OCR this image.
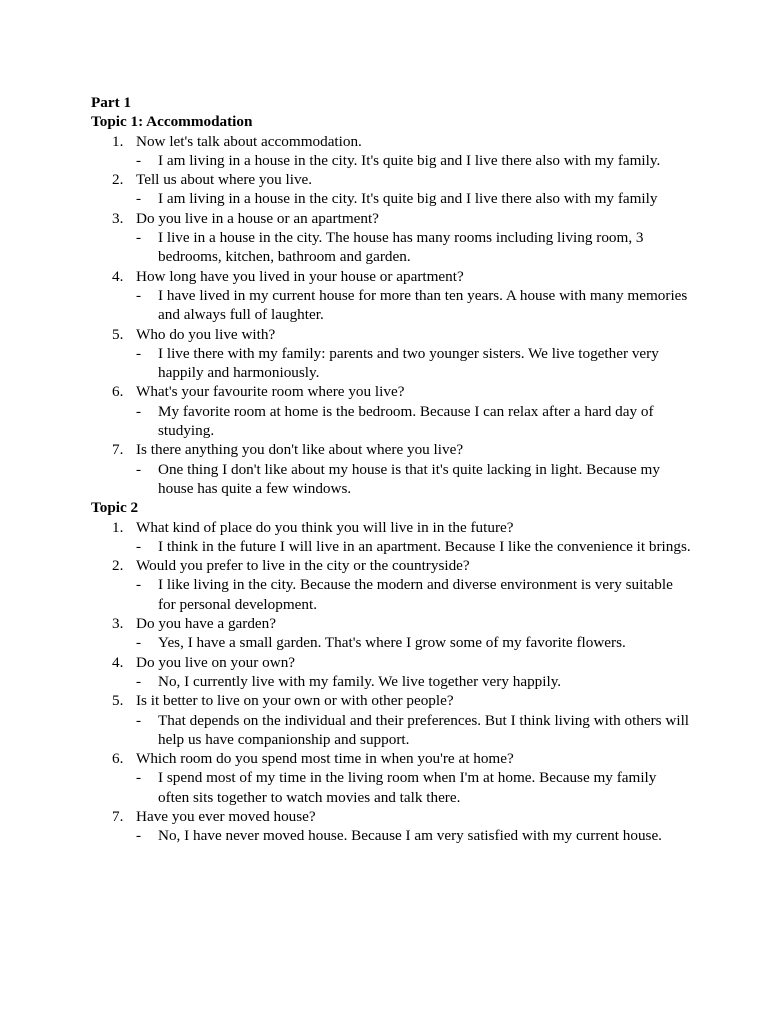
Part 1
Topic 1: Accommodation
1. Now let's talk about accommodation.
- I am living in a house in the city. It's quite big and I live there also with my family.
2. Tell us about where you live.
- I am living in a house in the city. It's quite big and I live there also with my family
3. Do you live in a house or an apartment?
- I live in a house in the city. The house has many rooms including living room, 3 bedrooms, kitchen, bathroom and garden.
4. How long have you lived in your house or apartment?
- I have lived in my current house for more than ten years. A house with many memories and always full of laughter.
5. Who do you live with?
- I live there with my family: parents and two younger sisters. We live together very happily and harmoniously.
6. What's your favourite room where you live?
- My favorite room at home is the bedroom. Because I can relax after a hard day of studying.
7. Is there anything you don't like about where you live?
- One thing I don't like about my house is that it's quite lacking in light. Because my house has quite a few windows.
Topic 2
1. What kind of place do you think you will live in in the future?
- I think in the future I will live in an apartment. Because I like the convenience it brings.
2. Would you prefer to live in the city or the countryside?
- I like living in the city. Because the modern and diverse environment is very suitable for personal development.
3. Do you have a garden?
- Yes, I have a small garden. That's where I grow some of my favorite flowers.
4. Do you live on your own?
- No, I currently live with my family. We live together very happily.
5. Is it better to live on your own or with other people?
- That depends on the individual and their preferences. But I think living with others will help us have companionship and support.
6. Which room do you spend most time in when you're at home?
- I spend most of my time in the living room when I'm at home. Because my family often sits together to watch movies and talk there.
7. Have you ever moved house?
- No, I have never moved house. Because I am very satisfied with my current house.
